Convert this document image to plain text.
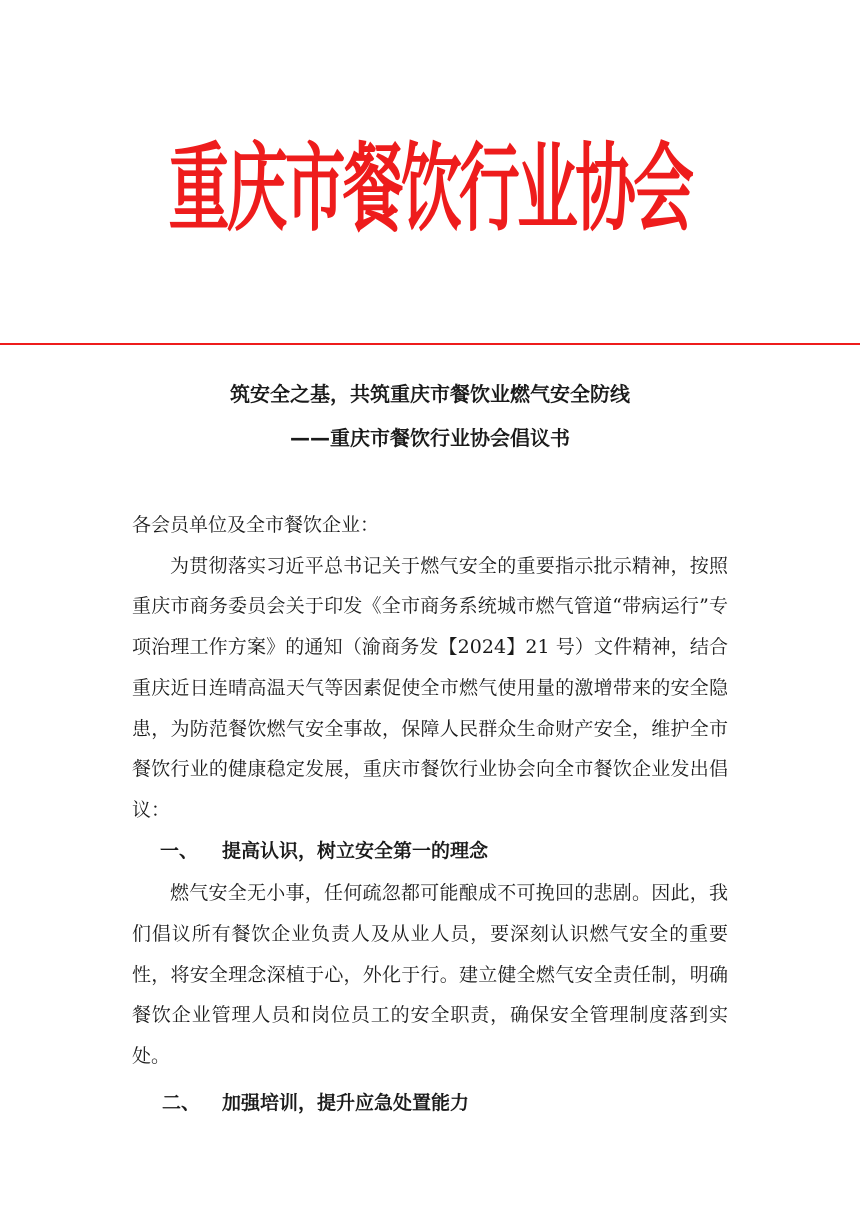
重庆市餐饮行业协会
筑安全之基，共筑重庆市餐饮业燃气安全防线
——重庆市餐饮行业协会倡议书

各会员单位及全市餐饮企业：

为贯彻落实习近平总书记关于燃气安全的重要指示批示精神，按照重庆市商务委员会关于印发《全市商务系统城市燃气管道“带病运行”专项治理工作方案》的通知（渝商务发【2024】21 号）文件精神，结合重庆近日连晴高温天气等因素促使全市燃气使用量的激增带来的安全隐患，为防范餐饮燃气安全事故，保障人民群众生命财产安全，维护全市餐饮行业的健康稳定发展，重庆市餐饮行业协会向全市餐饮企业发出倡议：

一、	提高认识，树立安全第一的理念

燃气安全无小事，任何疏忽都可能酿成不可挽回的悲剧。因此，我们倡议所有餐饮企业负责人及从业人员，要深刻认识燃气安全的重要性，将安全理念深植于心，外化于行。建立健全燃气安全责任制，明确餐饮企业管理人员和岗位员工的安全职责，确保安全管理制度落到实处。

二、	加强培训，提升应急处置能力
